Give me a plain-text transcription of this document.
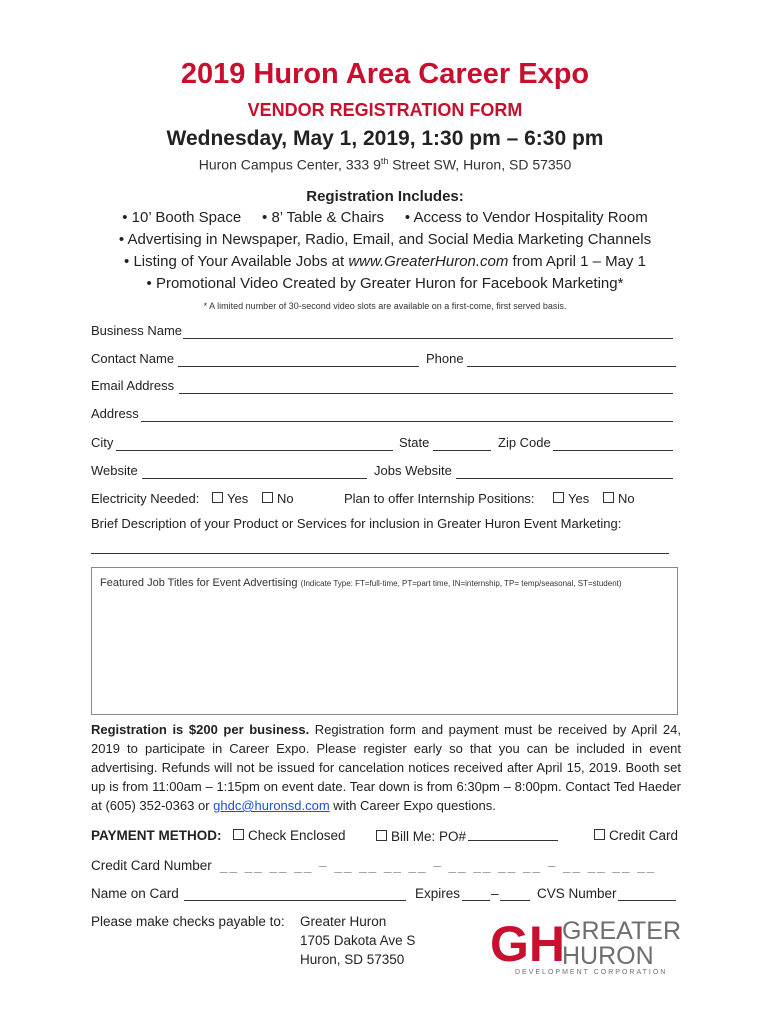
2019 Huron Area Career Expo
VENDOR REGISTRATION FORM
Wednesday, May 1, 2019, 1:30 pm – 6:30 pm
Huron Campus Center, 333 9th Street SW, Huron, SD 57350
Registration Includes:
• 10’ Booth Space     • 8’ Table & Chairs     • Access to Vendor Hospitality Room
• Advertising in Newspaper, Radio, Email, and Social Media Marketing Channels
• Listing of Your Available Jobs at www.GreaterHuron.com from April 1 – May 1
• Promotional Video Created by Greater Huron for Facebook Marketing*
* A limited number of 30-second video slots are available on a first-come, first served basis.
Business Name
Contact Name	Phone
Email Address
Address
City	State	Zip Code
Website	Jobs Website
Electricity Needed:	Yes	No	Plan to offer Internship Positions:	Yes	No
Brief Description of your Product or Services for inclusion in Greater Huron Event Marketing:
Featured Job Titles for Event Advertising (Indicate Type: FT=full-time, PT=part time, IN=internship, TP= temp/seasonal, ST=student)
Registration is $200 per business. Registration form and payment must be received by April 24, 2019 to participate in Career Expo. Please register early so that you can be included in event advertising. Refunds will not be issued for cancelation notices received after April 15, 2019. Booth set up is from 11:00am – 1:15pm on event date. Tear down is from 6:30pm – 8:00pm. Contact Ted Haeder at (605) 352-0363 or ghdc@huronsd.com with Career Expo questions.
PAYMENT METHOD:	Check Enclosed	Bill Me: PO#	Credit Card
Credit Card Number __ __ __ __ – __ __ __ __ – __ __ __ __ – __ __ __ __
Name on Card	Expires –	CVS Number
Please make checks payable to: Greater Huron
1705 Dakota Ave S
Huron, SD 57350 GH
GREATER
HURON
DEVELOPMENT CORPORATION
